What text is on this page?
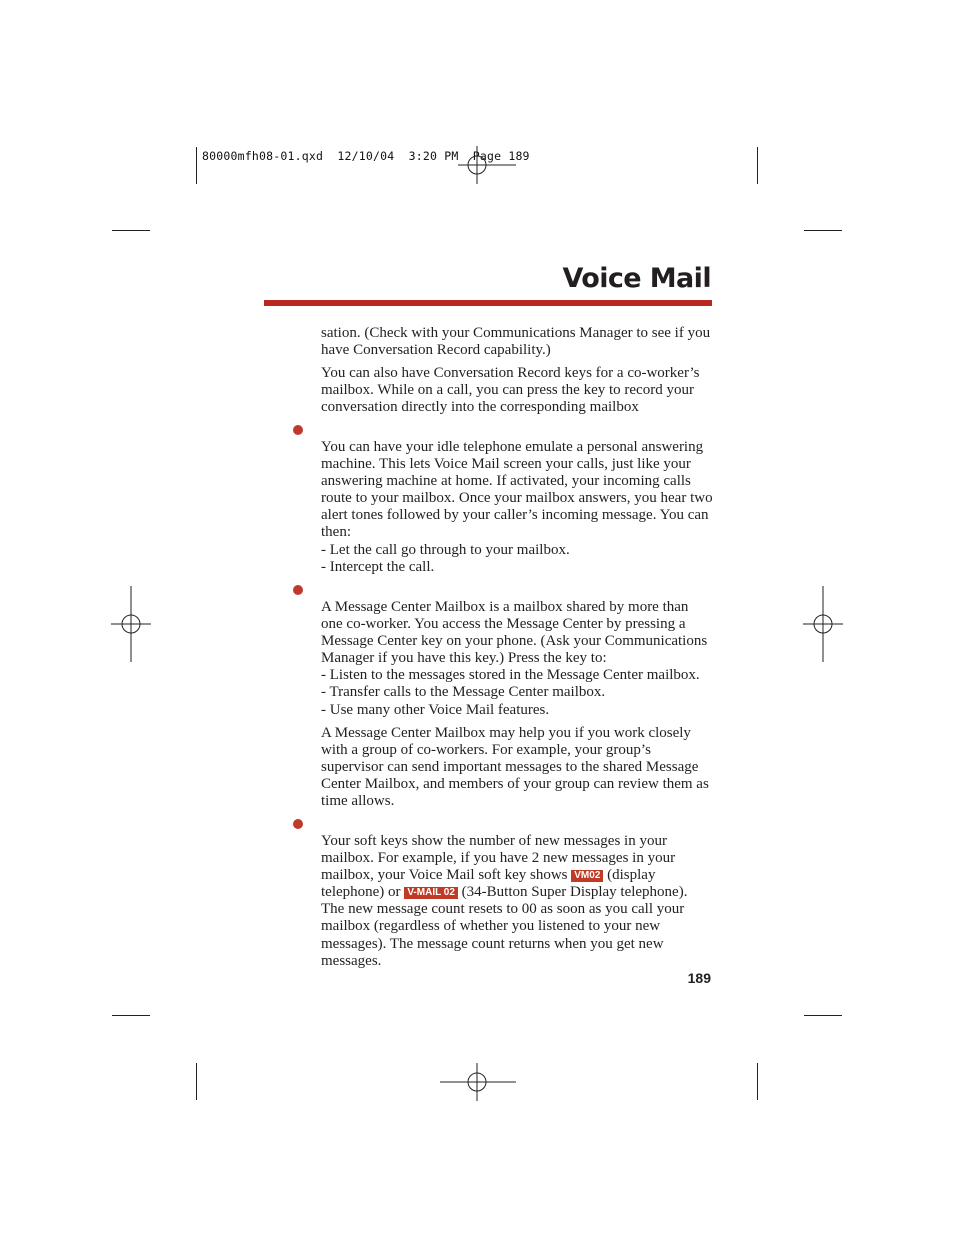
80000mfh08-01.qxd  12/10/04  3:20 PM  Page 189
Voice Mail

sation. (Check with your Communications Manager to see if you have Conversation Record capability.)

You can also have Conversation Record keys for a co-worker’s mailbox. While on a call, you can press the key to record your conversation directly into the corresponding mailbox

You can have your idle telephone emulate a personal answering machine. This lets Voice Mail screen your calls, just like your answering machine at home. If activated, your incoming calls route to your mailbox. Once your mailbox answers, you hear two alert tones followed by your caller’s incoming message. You can then:
- Let the call go through to your mailbox.
- Intercept the call.

A Message Center Mailbox is a mailbox shared by more than one co-worker. You access the Message Center by pressing a Message Center key on your phone. (Ask your Communications Manager if you have this key.) Press the key to:
- Listen to the messages stored in the Message Center mailbox.
- Transfer calls to the Message Center mailbox.
- Use many other Voice Mail features.

A Message Center Mailbox may help you if you work closely with a group of co-workers. For example, your group’s supervisor can send important messages to the shared Message Center Mailbox, and members of your group can review them as time allows.

Your soft keys show the number of new messages in your mailbox. For example, if you have 2 new messages in your mailbox, your Voice Mail soft key shows VM02 (display telephone) or V-MAIL 02 (34-Button Super Display telephone). The new message count resets to 00 as soon as you call your mailbox (regardless of whether you listened to your new messages). The message count returns when you get new messages.

189
